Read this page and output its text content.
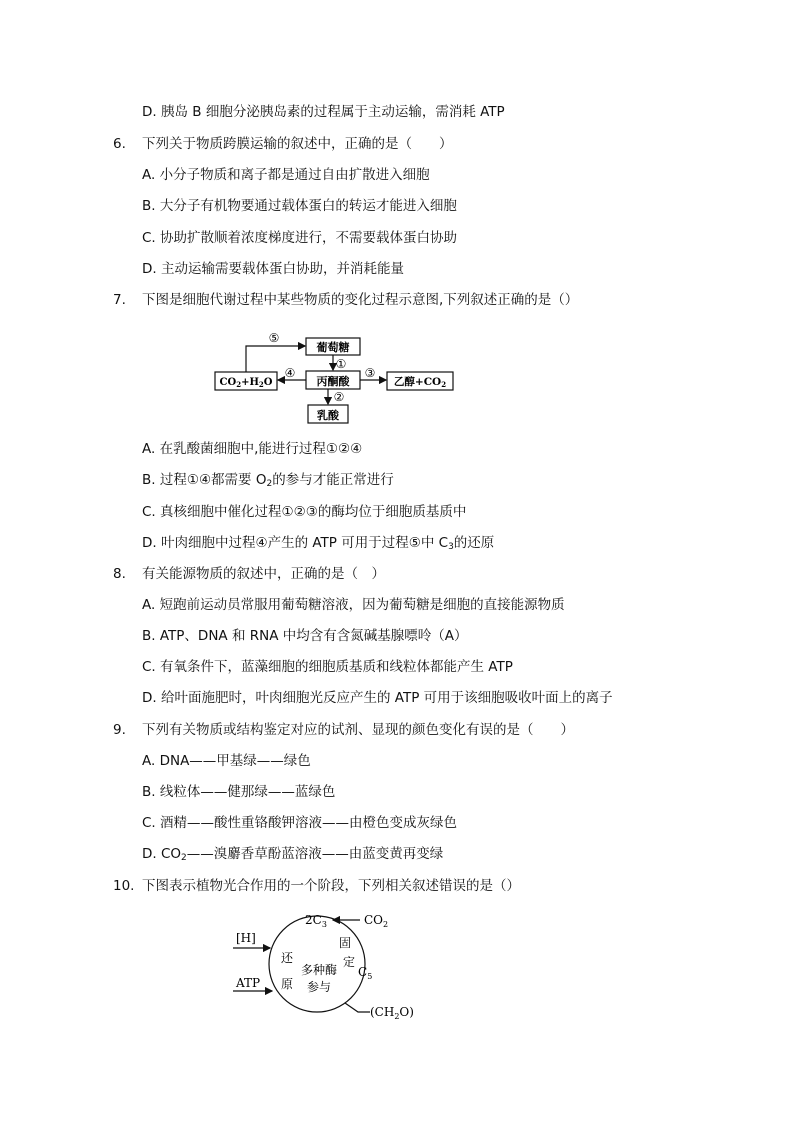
D. 胰岛 B 细胞分泌胰岛素的过程属于主动运输，需消耗 ATP
6. 下列关于物质跨膜运输的叙述中，正确的是（　　）
A. 小分子物质和离子都是通过自由扩散进入细胞
B. 大分子有机物要通过载体蛋白的转运才能进入细胞
C. 协助扩散顺着浓度梯度进行，不需要载体蛋白协助
D. 主动运输需要载体蛋白协助，并消耗能量
7. 下图是细胞代谢过程中某些物质的变化过程示意图,下列叙述正确的是（）
葡萄糖
丙酮酸
乳酸
$CO_2+H_2O$	乙醇+CO2
⑤
①
②
④	③
A. 在乳酸菌细胞中,能进行过程①②④
B. 过程①④都需要 $O_2$的参与才能正常进行
C. 真核细胞中催化过程①②③的酶均位于细胞质基质中
D. 叶肉细胞中过程④产生的 ATP 可用于过程⑤中 $C_3$的还原
8. 有关能源物质的叙述中，正确的是（　）
A. 短跑前运动员常服用葡萄糖溶液，因为葡萄糖是细胞的直接能源物质
B. ATP、DNA 和 RNA 中均含有含氮碱基腺嘌呤（A）
C. 有氧条件下，蓝藻细胞的细胞质基质和线粒体都能产生 ATP
D. 给叶面施肥时，叶肉细胞光反应产生的 ATP 可用于该细胞吸收叶面上的离子
9. 下列有关物质或结构鉴定对应的试剂、显现的颜色变化有误的是（　　）
A. DNA——甲基绿——绿色
B. 线粒体——健那绿——蓝绿色
C. 酒精——酸性重铬酸钾溶液——由橙色变成灰绿色
D. $CO_2——$溴麝香草酚蓝溶液——由蓝变黄再变绿
10. 下图表示植物光合作用的一个阶段，下列相关叙述错误的是（）
$2C_3$	$CO_2$
[H]
ATP
$C_5$
$(CH_2O)$
还
原
固
定
多种酶
参与
